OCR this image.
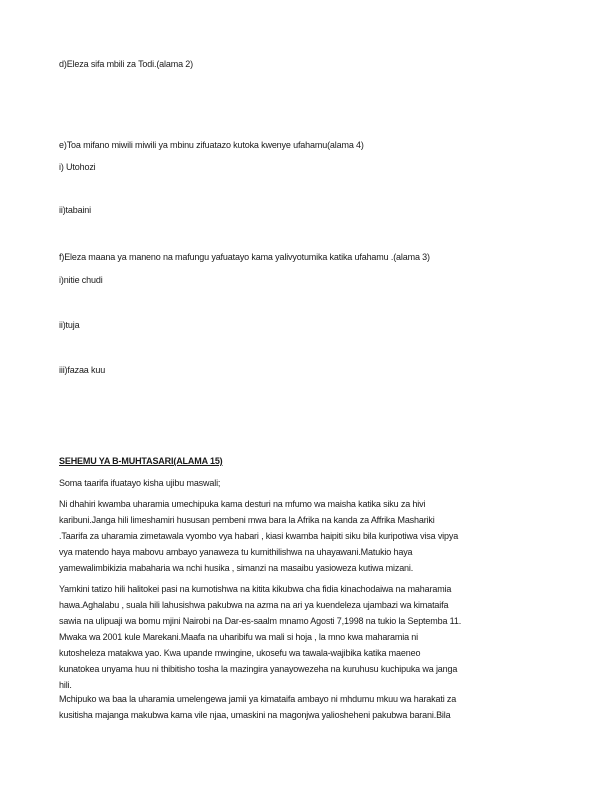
d)Eleza sifa mbili za Todi.(alama 2)
e)Toa mifano miwili miwili ya mbinu zifuatazo kutoka kwenye ufahamu(alama 4)
i) Utohozi
ii)tabaini
f)Eleza maana ya maneno na mafungu yafuatayo kama yalivyotumika katika ufahamu .(alama 3)
i)nitie chudi
ii)tuja
iii)fazaa kuu
SEHEMU YA B-MUHTASARI(ALAMA 15)
Soma taarifa ifuatayo kisha ujibu maswali;
Ni dhahiri kwamba uharamia umechipuka kama desturi na mfumo wa maisha katika siku za hivi
karibuni.Janga hili limeshamiri hususan pembeni mwa bara la Afrika na kanda za Affrika Mashariki
.Taarifa za uharamia zimetawala vyombo vya habari , kiasi kwamba haipiti siku bila kuripotiwa visa vipya
vya matendo haya mabovu ambayo yanaweza tu kumithilishwa na uhayawani.Matukio haya
yamewalimbikizia mabaharia wa nchi husika , simanzi na masaibu yasioweza kutiwa mizani.
Yamkini tatizo hili halitokei pasi na kumotishwa na kitita kikubwa cha fidia kinachodaiwa na maharamia
hawa.Aghalabu , suala hili lahusishwa pakubwa na azma na ari ya kuendeleza ujambazi wa kimataifa
sawia na ulipuaji wa bomu mjini Nairobi na Dar-es-saalm mnamo Agosti 7,1998 na tukio la Septemba 11.
Mwaka wa 2001 kule Marekani.Maafa na uharibifu wa mali si hoja , la mno kwa maharamia ni
kutosheleza matakwa yao. Kwa upande mwingine, ukosefu wa tawala-wajibika katika maeneo
kunatokea unyama huu ni thibitisho tosha la mazingira yanayowezeha na kuruhusu kuchipuka wa janga
hili.
Mchipuko wa baa la uharamia umelengewa jamii ya kimataifa ambayo ni mhdumu mkuu wa harakati za
kusitisha majanga makubwa kama vile njaa, umaskini na magonjwa yaliosheheni pakubwa barani.Bila
